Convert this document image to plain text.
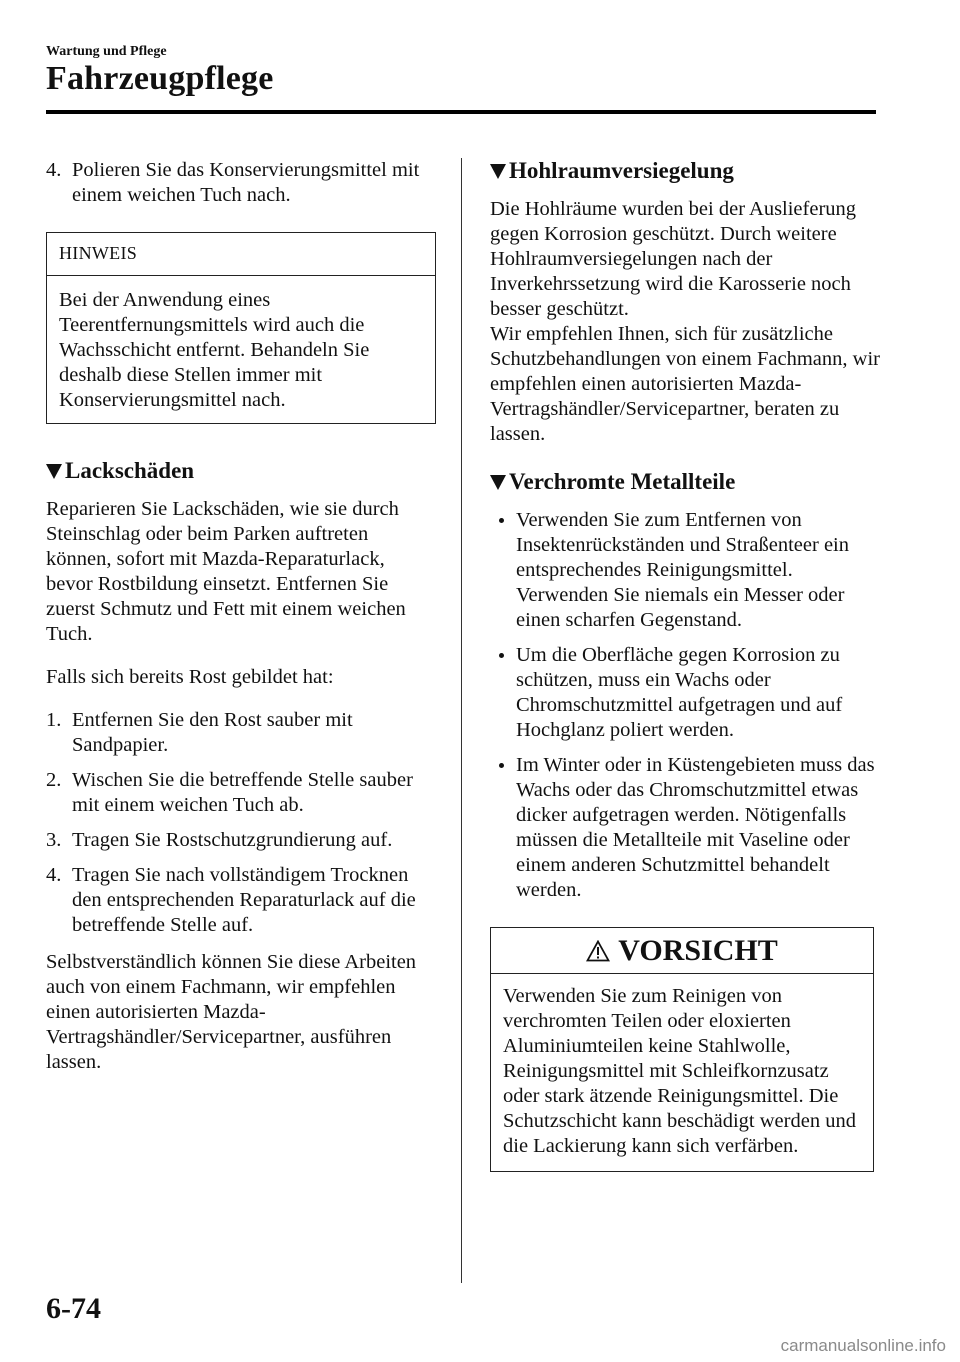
Wartung und Pflege
Fahrzeugpflege
4. Polieren Sie das Konservierungsmittel mit einem weichen Tuch nach.
HINWEIS
Bei der Anwendung eines Teerentfernungsmittels wird auch die Wachsschicht entfernt. Behandeln Sie deshalb diese Stellen immer mit Konservierungsmittel nach.
Lackschäden

Reparieren Sie Lackschäden, wie sie durch Steinschlag oder beim Parken auftreten können, sofort mit Mazda-Reparaturlack, bevor Rostbildung einsetzt. Entfernen Sie zuerst Schmutz und Fett mit einem weichen Tuch.

Falls sich bereits Rost gebildet hat:

1. Entfernen Sie den Rost sauber mit Sandpapier.
2. Wischen Sie die betreffende Stelle sauber mit einem weichen Tuch ab.
3. Tragen Sie Rostschutzgrundierung auf.
4. Tragen Sie nach vollständigem Trocknen den entsprechenden Reparaturlack auf die betreffende Stelle auf.

Selbstverständlich können Sie diese Arbeiten auch von einem Fachmann, wir empfehlen einen autorisierten Mazda-Vertragshändler/Servicepartner, ausführen lassen.

Hohlraumversiegelung

Die Hohlräume wurden bei der Auslieferung gegen Korrosion geschützt. Durch weitere Hohlraumversiegelungen nach der Inverkehrssetzung wird die Karosserie noch besser geschützt.

Wir empfehlen Ihnen, sich für zusätzliche Schutzbehandlungen von einem Fachmann, wir empfehlen einen autorisierten Mazda-Vertragshändler/Servicepartner, beraten zu lassen.

Verchromte Metallteile
Verwenden Sie zum Entfernen von Insektenrückständen und Straßenteer ein entsprechendes Reinigungsmittel. Verwenden Sie niemals ein Messer oder einen scharfen Gegenstand.
Um die Oberfläche gegen Korrosion zu schützen, muss ein Wachs oder Chromschutzmittel aufgetragen und auf Hochglanz poliert werden.
Im Winter oder in Küstengebieten muss das Wachs oder das Chromschutzmittel etwas dicker aufgetragen werden. Nötigenfalls müssen die Metallteile mit Vaseline oder einem anderen Schutzmittel behandelt werden.
VORSICHT
Verwenden Sie zum Reinigen von verchromten Teilen oder eloxierten Aluminiumteilen keine Stahlwolle, Reinigungsmittel mit Schleifkornzusatz oder stark ätzende Reinigungsmittel. Die Schutzschicht kann beschädigt werden und die Lackierung kann sich verfärben.
6-74
carmanualsonline.info
